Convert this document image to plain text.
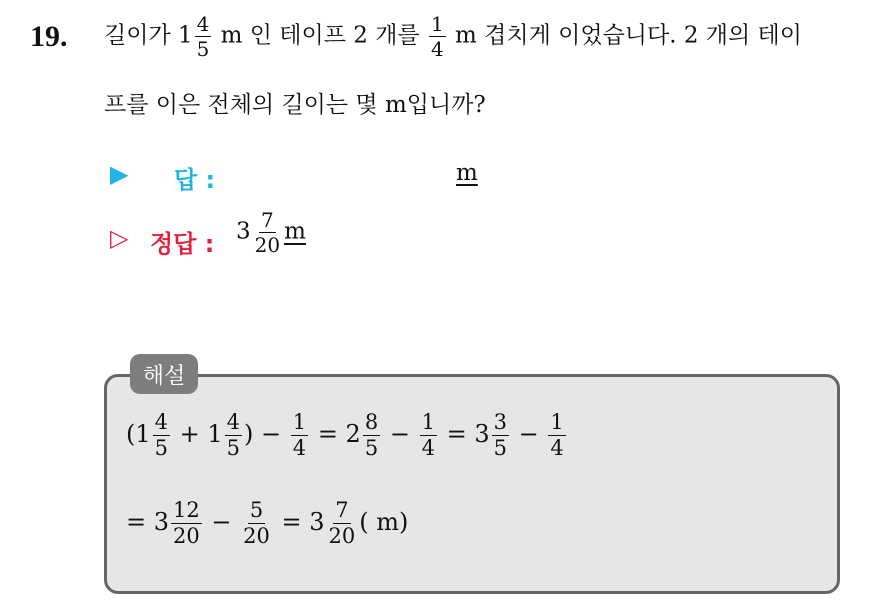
19. 길이가 $1 \frac{4}{5}$ m 인 테이프 2 개를 $\frac{1}{4}$ m 겹치게 이었습니다. 2 개의 테이
프를 이은 전체의 길이는 몇 m입니까?
▶ 답 :	m
▷ 정답 : $3 \frac{7}{20}$ m
해설
($1 \frac{4}{5} + 1 \frac{4}{5}$ ) − $\frac{1}{4} = 2 \frac{8}{5} - \frac{1}{4} = 3 \frac{3}{5} - \frac{1}{4}$
= $3 \frac{12}{20} - \frac{5}{20} = 3 \frac{7}{20}$ ( m)
